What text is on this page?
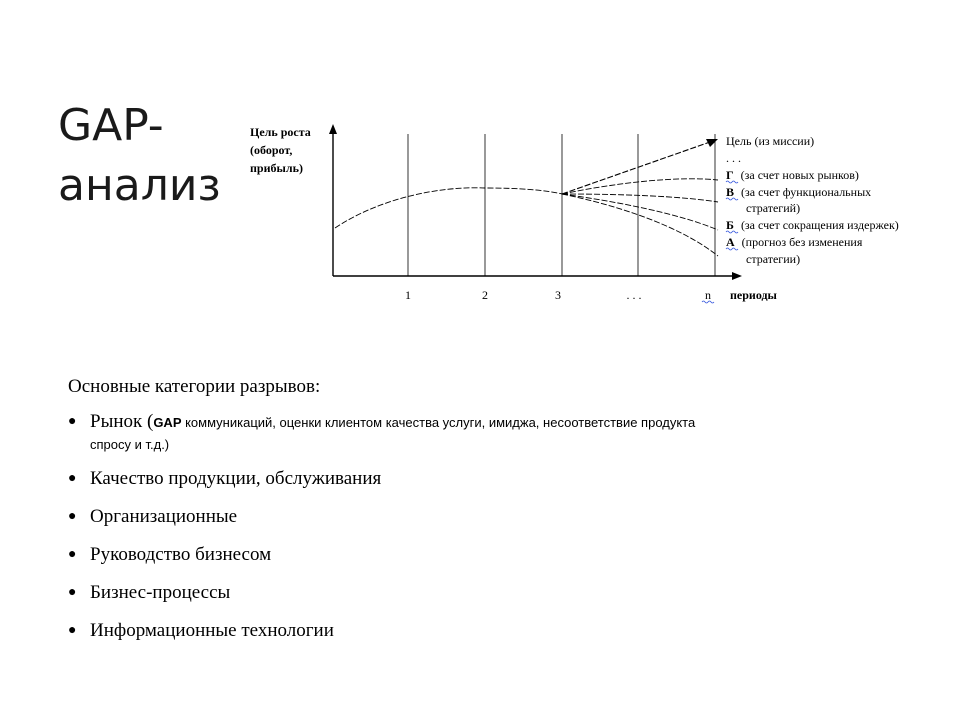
GAP-
анализ
Цель роста
(оборот,
прибыль)
1	2	3	. . .	n периоды
Цель (из миссии)
. . .
Г (за счет новых рынков)
В (за счет функциональных
стратегий)
Б (за счет сокращения издержек)
А (прогноз без изменения
стратегии)

Основные категории разрывов:

● Рынок (GAP коммуникаций, оценки клиентом качества услуги, имиджа, несоответствие продукта
спросу и т.д.)
● Качество продукции, обслуживания
● Организационные
● Руководство бизнесом
● Бизнес-процессы
● Информационные технологии
